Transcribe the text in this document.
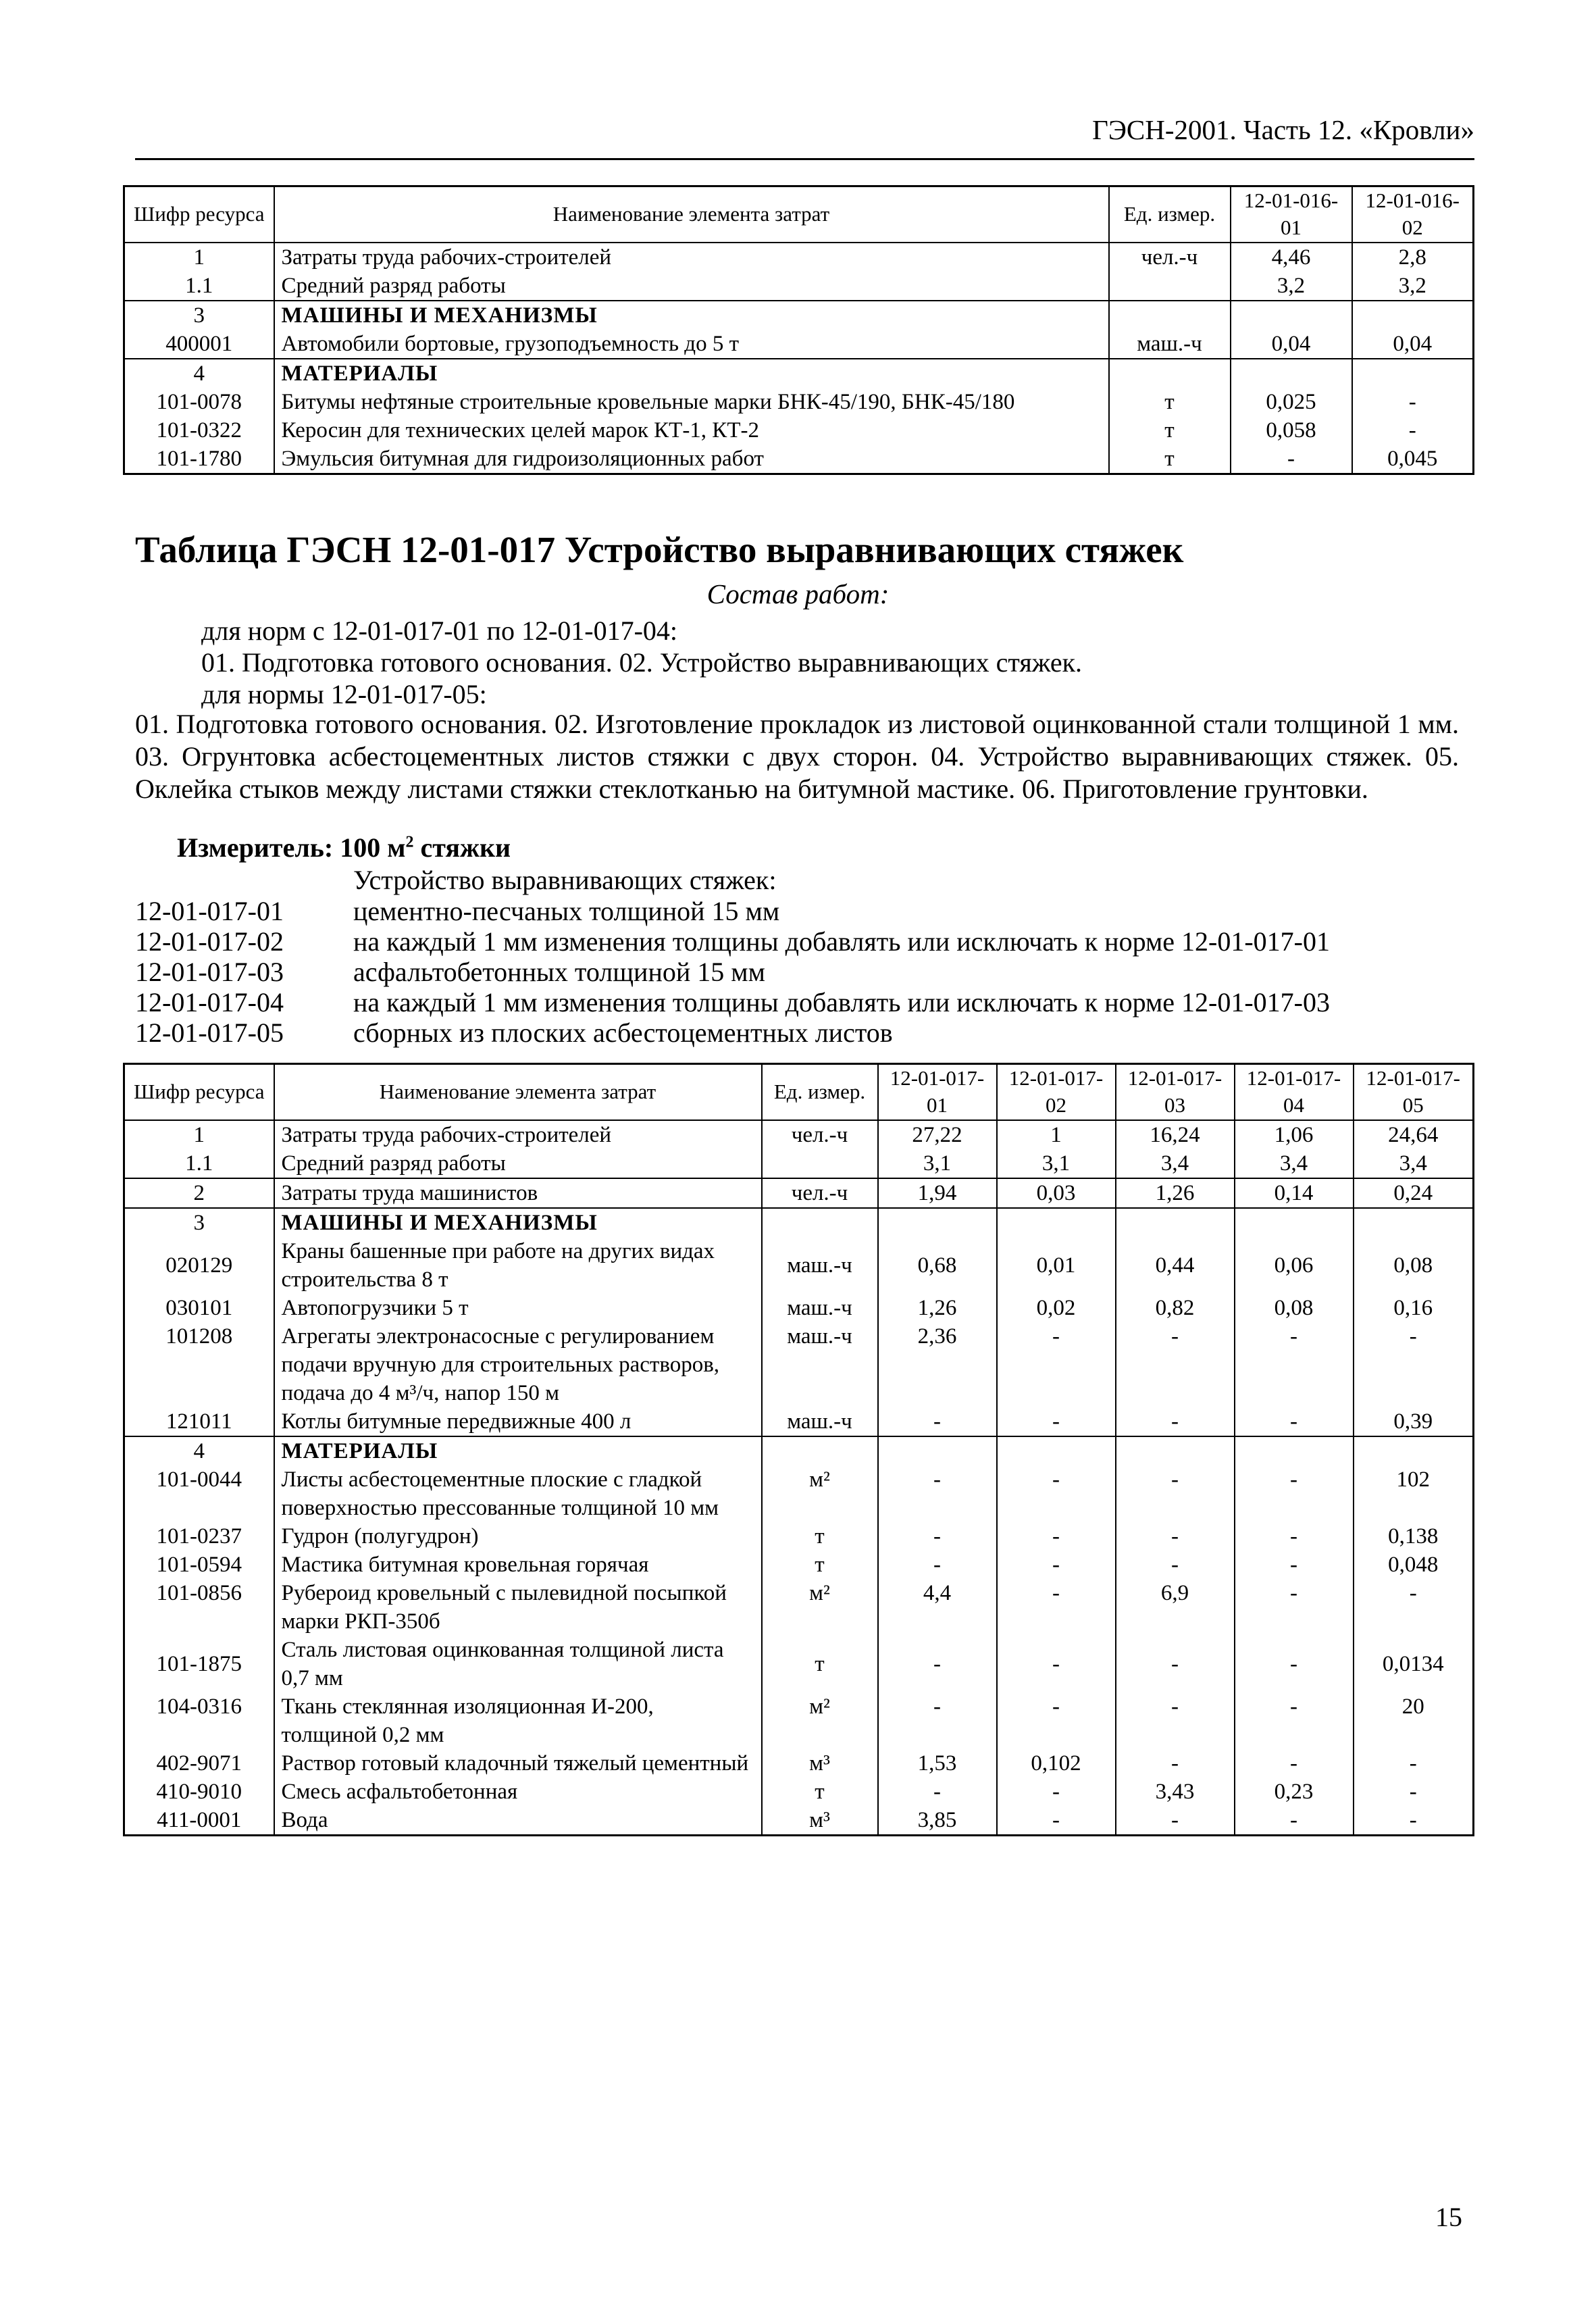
ГЭСН-2001. Часть 12. «Кровли»
Шифр ресурса	Наименование элемента затрат	Ед. измер.	12-01-016-01	12-01-016-02
1	Затраты труда рабочих-строителей	чел.-ч	4,46	2,8
1.1	Средний разряд работы		3,2	3,2
3	МАШИНЫ И МЕХАНИЗМЫ			
400001	Автомобили бортовые, грузоподъемность до 5 т	маш.-ч	0,04	0,04
4	МАТЕРИАЛЫ			
101-0078	Битумы нефтяные строительные кровельные марки БНК-45/190, БНК-45/180	т	0,025	-
101-0322	Керосин для технических целей марок КТ-1, КТ-2	т	0,058	-
101-1780	Эмульсия битумная для гидроизоляционных работ	т	-	0,045
Таблица ГЭСН 12-01-017 Устройство выравнивающих стяжек
Состав работ:
для норм с 12-01-017-01 по 12-01-017-04:
01. Подготовка готового основания. 02. Устройство выравнивающих стяжек.
для нормы 12-01-017-05:
01. Подготовка готового основания. 02. Изготовление прокладок из листовой оцинкованной стали толщиной 1 мм. 03. Огрунтовка асбестоцементных листов стяжки с двух сторон. 04. Устройство выравнивающих стяжек. 05. Оклейка стыков между листами стяжки стеклотканью на битумной мастике. 06. Приготовление грунтовки.
Измеритель: 100 $м^2$ стяжки
Устройство выравнивающих стяжек:
12-01-017-01	цементно-песчаных толщиной 15 мм
12-01-017-02	на каждый 1 мм изменения толщины добавлять или исключать к норме 12-01-017-01
12-01-017-03	асфальтобетонных толщиной 15 мм
12-01-017-04	на каждый 1 мм изменения толщины добавлять или исключать к норме 12-01-017-03
12-01-017-05	сборных из плоских асбестоцементных листов
Шифр ресурса	Наименование элемента затрат	Ед. измер.	12-01-017-01	12-01-017-02	12-01-017-03	12-01-017-04	12-01-017-05
1	Затраты труда рабочих-строителей	чел.-ч	27,22	1	16,24	1,06	24,64
1.1	Средний разряд работы		3,1	3,1	3,4	3,4	3,4
2	Затраты труда машинистов	чел.-ч	1,94	0,03	1,26	0,14	0,24
3	МАШИНЫ И МЕХАНИЗМЫ						
020129	Краны башенные при работе на других видах строительства 8 т	маш.-ч	0,68	0,01	0,44	0,06	0,08
030101	Автопогрузчики 5 т	маш.-ч	1,26	0,02	0,82	0,08	0,16
101208	Агрегаты электронасосные с регулированием подачи вручную для строительных растворов, подача до 4 м³/ч, напор 150 м	маш.-ч	2,36	-	-	-	-
121011	Котлы битумные передвижные 400 л	маш.-ч	-	-	-	-	0,39
4	МАТЕРИАЛЫ						
101-0044	Листы асбестоцементные плоские с гладкой поверхностью прессованные толщиной 10 мм	м²	-	-	-	-	102
101-0237	Гудрон (полугудрон)	т	-	-	-	-	0,138
101-0594	Мастика битумная кровельная горячая	т	-	-	-	-	0,048
101-0856	Рубероид кровельный с пылевидной посыпкой марки РКП-350б	м²	4,4	-	6,9	-	-
101-1875	Сталь листовая оцинкованная толщиной листа 0,7 мм	т	-	-	-	-	0,0134
104-0316	Ткань стеклянная изоляционная И-200, толщиной 0,2 мм	м²	-	-	-	-	20
402-9071	Раствор готовый кладочный тяжелый цементный	м³	1,53	0,102	-	-	-
410-9010	Смесь асфальтобетонная	т	-	-	3,43	0,23	-
411-0001	Вода	м³	3,85	-	-	-	-
15
